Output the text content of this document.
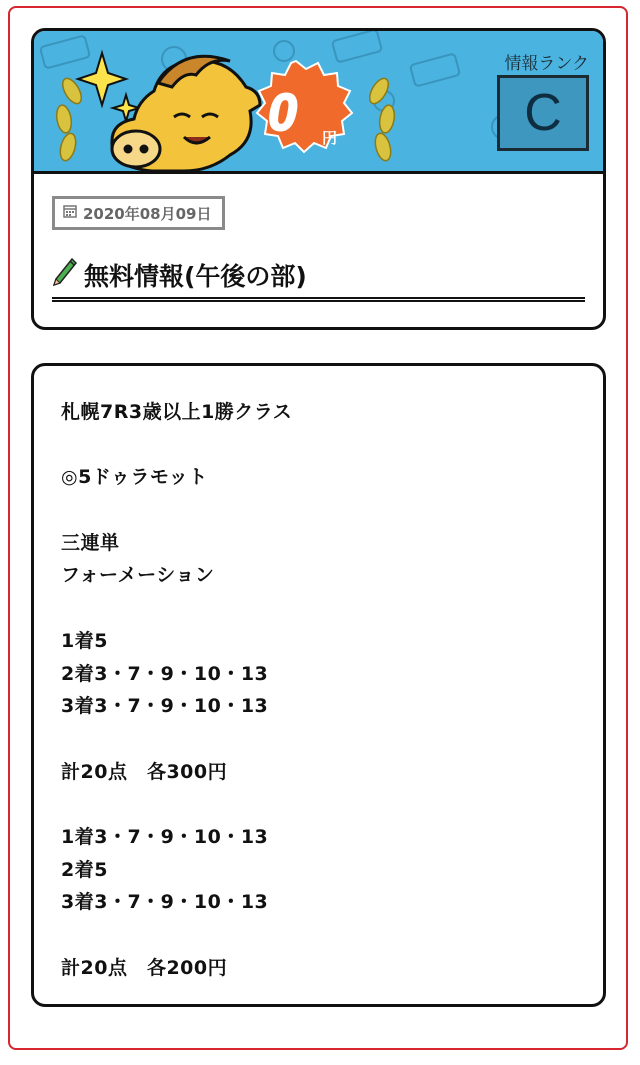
0 円
情報ランク
C
2020年08月09日
無料情報(午後の部)
札幌7R3歳以上1勝クラス
◎5ドゥラモット
三連単
フォーメーション
1着5
2着3・7・9・10・13
3着3・7・9・10・13
計20点　各300円
1着3・7・9・10・13
2着5
3着3・7・9・10・13
計20点　各200円
